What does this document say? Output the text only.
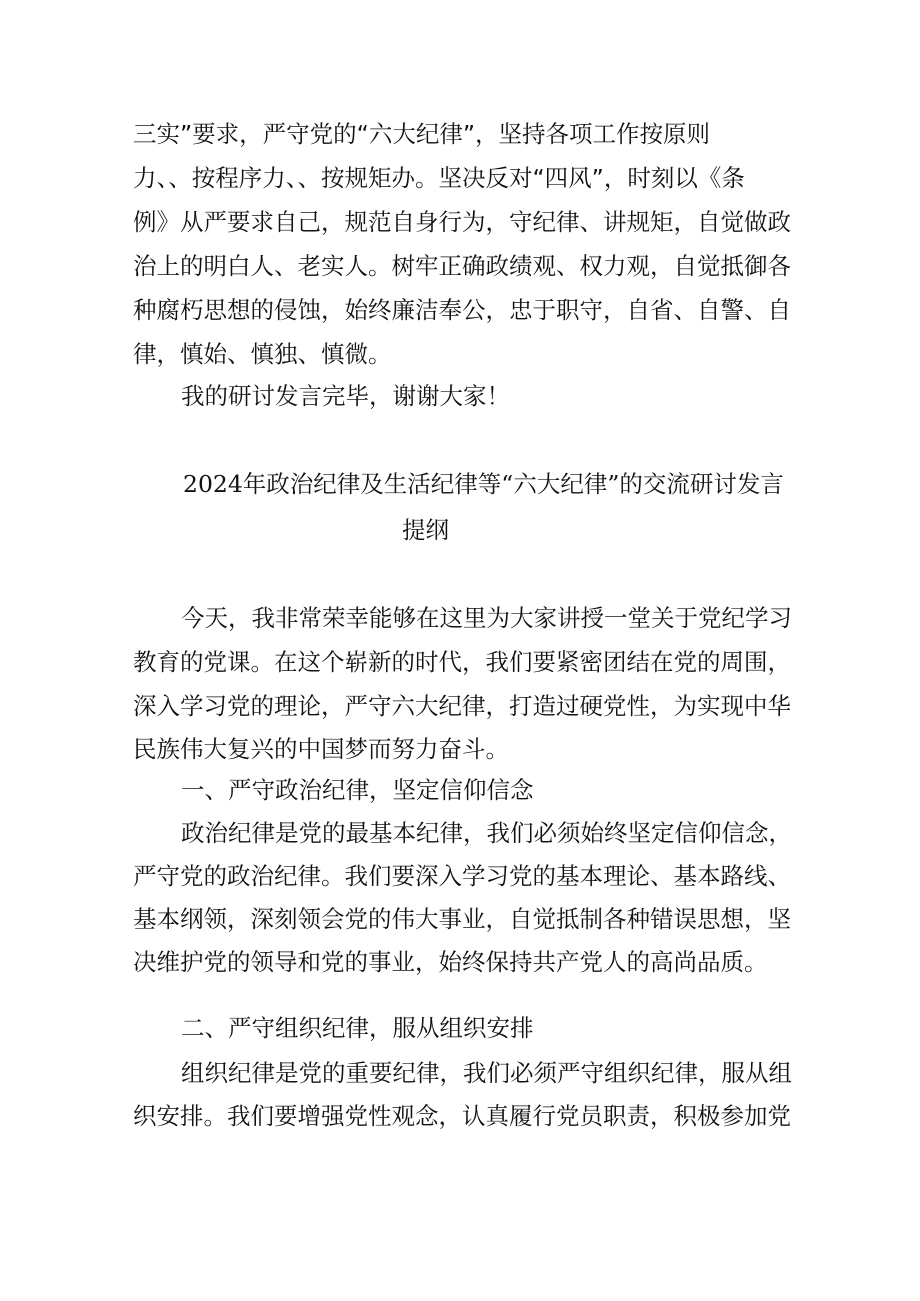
三实”要求，严守党的“六大纪律”，坚持各项工作按原则
力、、按程序力、、按规矩办。坚决反对“四风”，时刻以《条
例》从严要求自己，规范自身行为，守纪律、讲规矩，自觉做政
治上的明白人、老实人。树牢正确政绩观、权力观，自觉抵御各
种腐朽思想的侵蚀，始终廉洁奉公，忠于职守，自省、自警、自
律，慎始、慎独、慎微。
我的研讨发言完毕，谢谢大家！
2024年政治纪律及生活纪律等“六大纪律”的交流研讨发言
提纲
今天，我非常荣幸能够在这里为大家讲授一堂关于党纪学习
教育的党课。在这个崭新的时代，我们要紧密团结在党的周围，
深入学习党的理论，严守六大纪律，打造过硬党性，为实现中华
民族伟大复兴的中国梦而努力奋斗。
一、严守政治纪律，坚定信仰信念
政治纪律是党的最基本纪律，我们必须始终坚定信仰信念，
严守党的政治纪律。我们要深入学习党的基本理论、基本路线、
基本纲领，深刻领会党的伟大事业，自觉抵制各种错误思想，坚
决维护党的领导和党的事业，始终保持共产党人的高尚品质。
二、严守组织纪律，服从组织安排
组织纪律是党的重要纪律，我们必须严守组织纪律，服从组
织安排。我们要增强党性观念，认真履行党员职责，积极参加党
